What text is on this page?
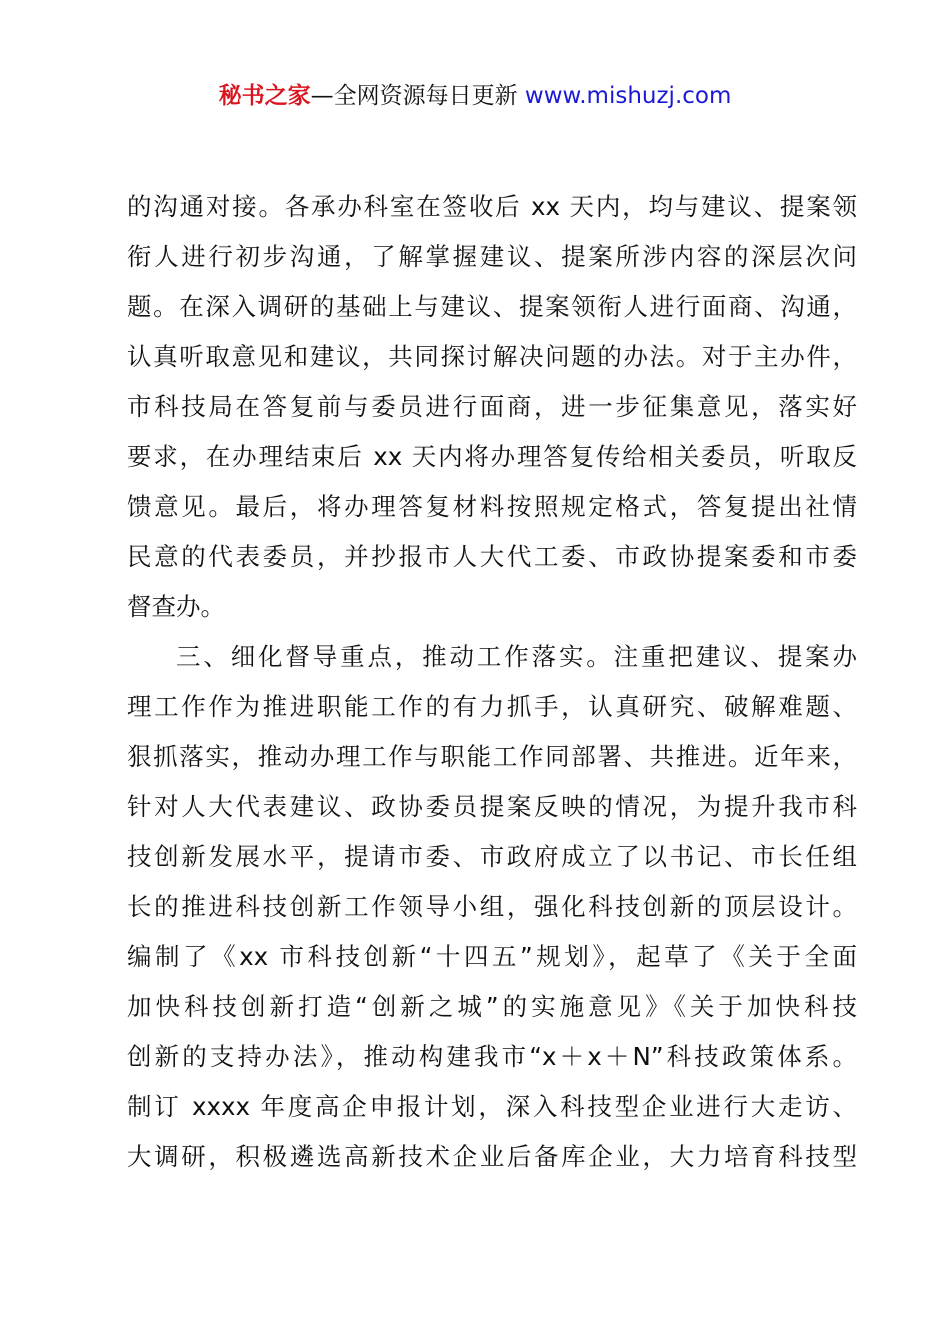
秘书之家—全网资源每日更新 www.mishuzj.com
的沟通对接。各承办科室在签收后 xx 天内，均与建议、提案领
衔人进行初步沟通，了解掌握建议、提案所涉内容的深层次问
题。在深入调研的基础上与建议、提案领衔人进行面商、沟通，
认真听取意见和建议，共同探讨解决问题的办法。对于主办件，
市科技局在答复前与委员进行面商，进一步征集意见，落实好
要求，在办理结束后 xx 天内将办理答复传给相关委员，听取反
馈意见。最后，将办理答复材料按照规定格式，答复提出社情
民意的代表委员，并抄报市人大代工委、市政协提案委和市委
督查办。
三、细化督导重点，推动工作落实。注重把建议、提案办
理工作作为推进职能工作的有力抓手，认真研究、破解难题、
狠抓落实，推动办理工作与职能工作同部署、共推进。近年来，
针对人大代表建议、政协委员提案反映的情况，为提升我市科
技创新发展水平，提请市委、市政府成立了以书记、市长任组
长的推进科技创新工作领导小组，强化科技创新的顶层设计。
编制了《xx 市科技创新“十四五”规划》，起草了《关于全面
加快科技创新打造“创新之城”的实施意见》《关于加快科技
创新的支持办法》，推动构建我市“x＋x＋N”科技政策体系。
制订 xxxx 年度高企申报计划，深入科技型企业进行大走访、
大调研，积极遴选高新技术企业后备库企业，大力培育科技型
